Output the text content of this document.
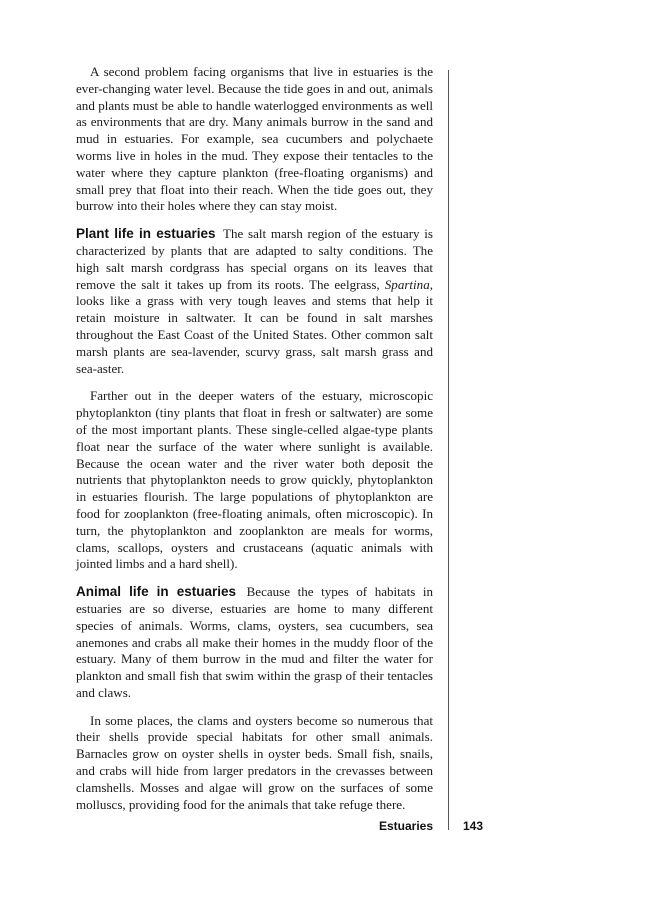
A second problem facing organisms that live in estuaries is the ever-changing water level. Because the tide goes in and out, animals and plants must be able to handle waterlogged environments as well as environments that are dry. Many animals burrow in the sand and mud in estuaries. For example, sea cucumbers and polychaete worms live in holes in the mud. They expose their tentacles to the water where they capture plankton (free-floating organisms) and small prey that float into their reach. When the tide goes out, they burrow into their holes where they can stay moist.

Plant life in estuaries The salt marsh region of the estuary is characterized by plants that are adapted to salty conditions. The high salt marsh cordgrass has special organs on its leaves that remove the salt it takes up from its roots. The eelgrass, Spartina, looks like a grass with very tough leaves and stems that help it retain moisture in saltwater. It can be found in salt marshes throughout the East Coast of the United States. Other common salt marsh plants are sea-lavender, scurvy grass, salt marsh grass and sea-aster.

Farther out in the deeper waters of the estuary, microscopic phytoplankton (tiny plants that float in fresh or saltwater) are some of the most important plants. These single-celled algae-type plants float near the surface of the water where sunlight is available. Because the ocean water and the river water both deposit the nutrients that phytoplankton needs to grow quickly, phytoplankton in estuaries flourish. The large populations of phytoplankton are food for zooplankton (free-floating animals, often microscopic). In turn, the phytoplankton and zooplankton are meals for worms, clams, scallops, oysters and crustaceans (aquatic animals with jointed limbs and a hard shell).

Animal life in estuaries Because the types of habitats in estuaries are so diverse, estuaries are home to many different species of animals. Worms, clams, oysters, sea cucumbers, sea anemones and crabs all make their homes in the muddy floor of the estuary. Many of them burrow in the mud and filter the water for plankton and small fish that swim within the grasp of their tentacles and claws.

In some places, the clams and oysters become so numerous that their shells provide special habitats for other small animals. Barnacles grow on oyster shells in oyster beds. Small fish, snails, and crabs will hide from larger predators in the crevasses between clamshells. Mosses and algae will grow on the surfaces of some molluscs, providing food for the animals that take refuge there.

Estuaries 143
